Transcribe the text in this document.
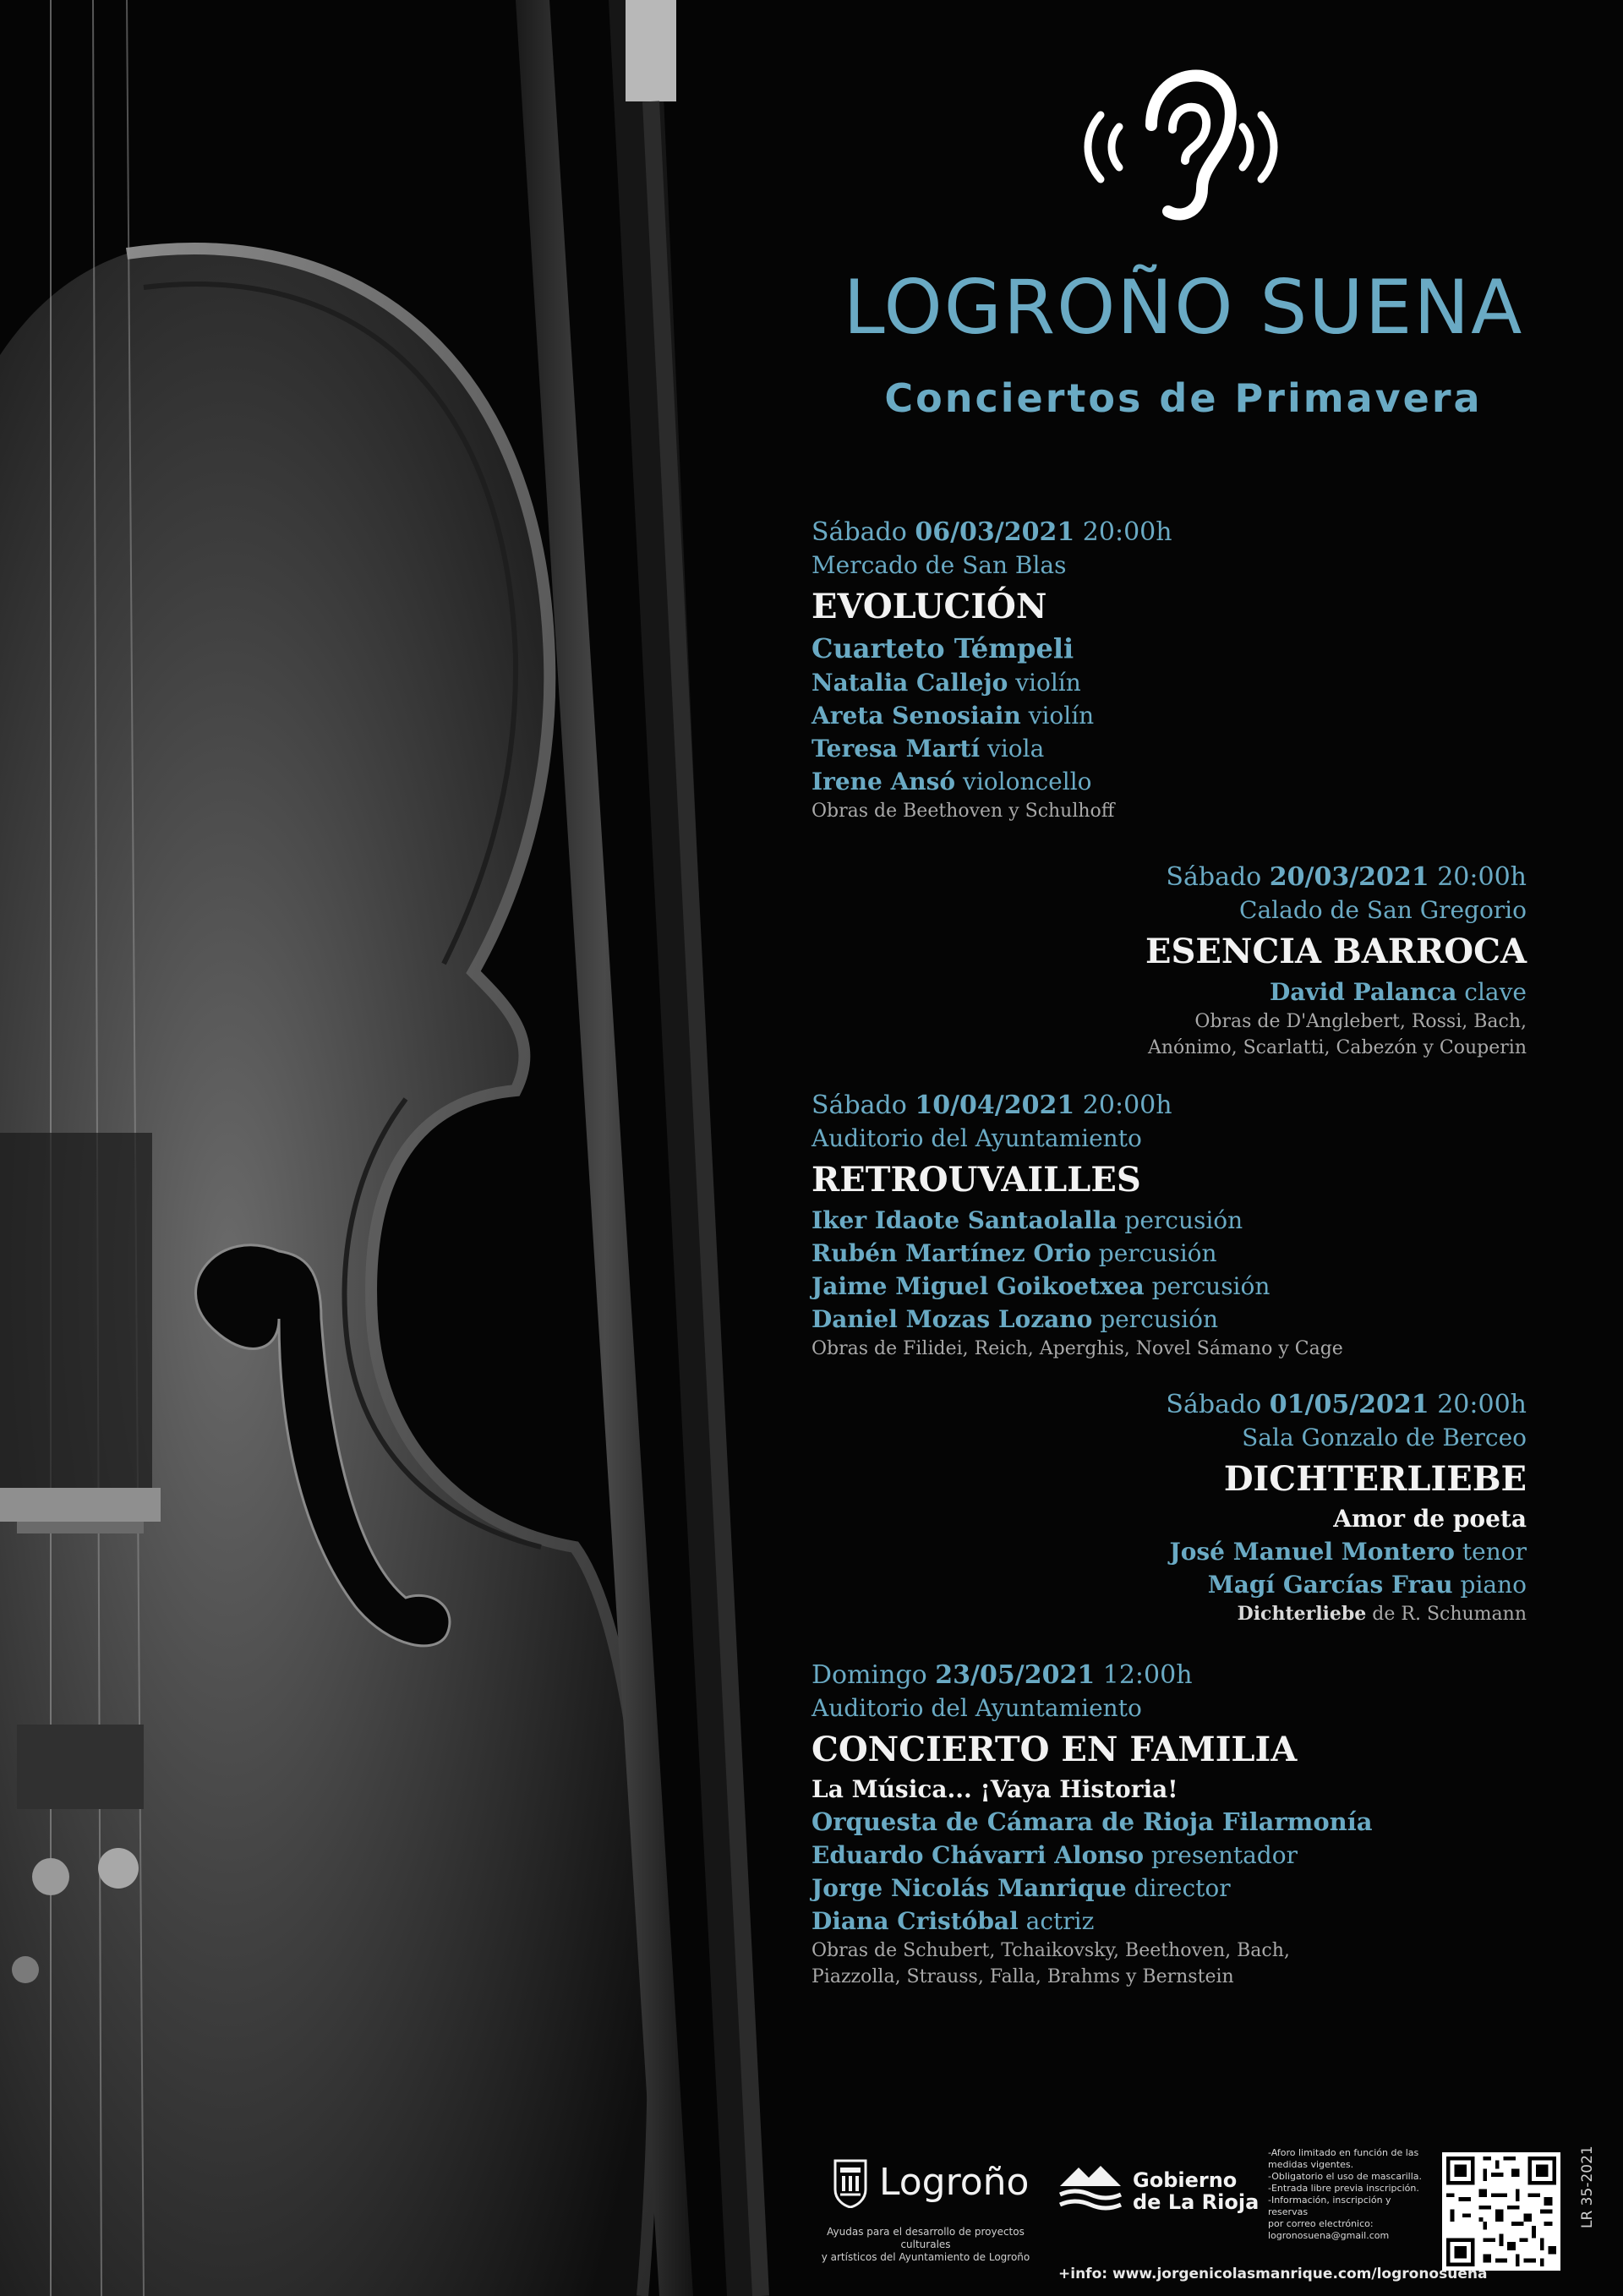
LOGROÑO SUENA
Conciertos de Primavera
Sábado 06/03/2021 20:00h
Mercado de San Blas
EVOLUCIÓN
Cuarteto Témpeli
Natalia Callejo violín
Areta Senosiain violín
Teresa Martí viola
Irene Ansó violoncello
Obras de Beethoven y Schulhoff
Sábado 20/03/2021 20:00h
Calado de San Gregorio
ESENCIA BARROCA
David Palanca clave
Obras de D'Anglebert, Rossi, Bach,
Anónimo, Scarlatti, Cabezón y Couperin
Sábado 10/04/2021 20:00h
Auditorio del Ayuntamiento
RETROUVAILLES
Iker Idaote Santaolalla percusión
Rubén Martínez Orio percusión
Jaime Miguel Goikoetxea percusión
Daniel Mozas Lozano percusión
Obras de Filidei, Reich, Aperghis, Novel Sámano y Cage
Sábado 01/05/2021 20:00h
Sala Gonzalo de Berceo
DICHTERLIEBE
Amor de poeta
José Manuel Montero tenor
Magí Garcías Frau piano
Dichterliebe de R. Schumann
Domingo 23/05/2021 12:00h
Auditorio del Ayuntamiento
CONCIERTO EN FAMILIA
La Música... ¡Vaya Historia!
Orquesta de Cámara de Rioja Filarmonía
Eduardo Chávarri Alonso presentador
Jorge Nicolás Manrique director
Diana Cristóbal actriz
Obras de Schubert, Tchaikovsky, Beethoven, Bach,
Piazzolla, Strauss, Falla, Brahms y Bernstein
Logroño
Ayudas para el desarrollo de proyectos culturales
y artísticos del Ayuntamiento de Logroño
Gobierno
de La Rioja
-Aforo limitado en función de las
medidas vigentes.
-Obligatorio el uso de mascarilla.
-Entrada libre previa inscripción.
-Información, inscripción y reservas
por correo electrónico:
logronosuena@gmail.com
LR 35-2021
+info: www.jorgenicolasmanrique.com/logronosuena
